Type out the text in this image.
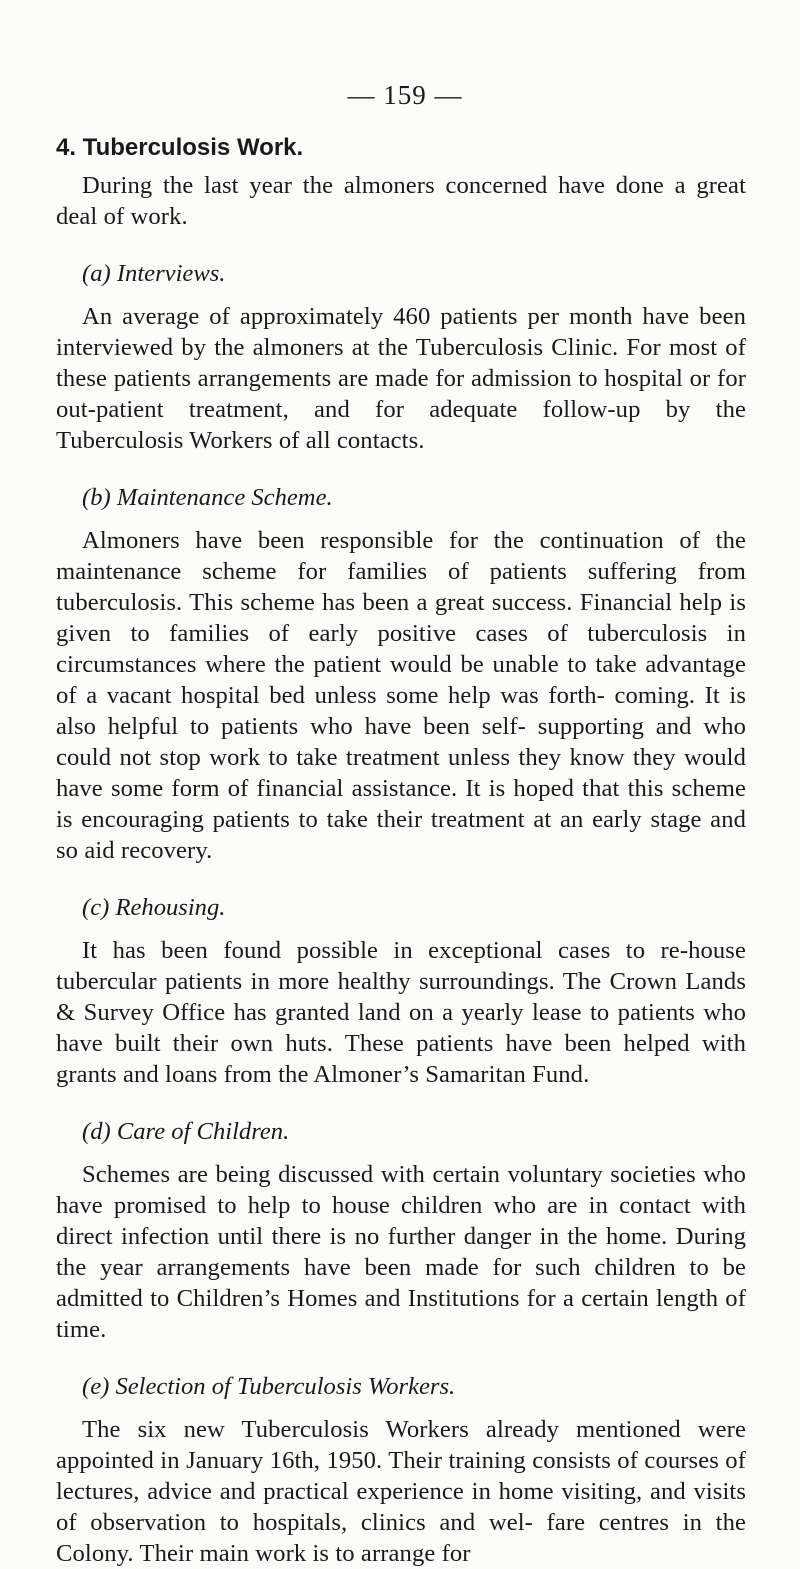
— 159 —
4. Tuberculosis Work.

During the last year the almoners concerned have done a great deal of work.

(a) Interviews.

An average of approximately 460 patients per month have been interviewed by the almoners at the Tuberculosis Clinic. For most of these patients arrangements are made for admission to hospital or for out-patient treatment, and for adequate follow-up by the Tuberculosis Workers of all contacts.

(b) Maintenance Scheme.

Almoners have been responsible for the continuation of the maintenance scheme for families of patients suffering from tuberculosis. This scheme has been a great success. Financial help is given to families of early positive cases of tuberculosis in circumstances where the patient would be unable to take advantage of a vacant hospital bed unless some help was forth- coming. It is also helpful to patients who have been self- supporting and who could not stop work to take treatment unless they know they would have some form of financial assistance. It is hoped that this scheme is encouraging patients to take their treatment at an early stage and so aid recovery.

(c) Rehousing.

It has been found possible in exceptional cases to re-house tubercular patients in more healthy surroundings. The Crown Lands & Survey Office has granted land on a yearly lease to patients who have built their own huts. These patients have been helped with grants and loans from the Almoner’s Samaritan Fund.

(d) Care of Children.

Schemes are being discussed with certain voluntary societies who have promised to help to house children who are in contact with direct infection until there is no further danger in the home. During the year arrangements have been made for such children to be admitted to Children’s Homes and Institutions for a certain length of time.

(e) Selection of Tuberculosis Workers.

The six new Tuberculosis Workers already mentioned were appointed in January 16th, 1950. Their training consists of courses of lectures, advice and practical experience in home visiting, and visits of observation to hospitals, clinics and wel- fare centres in the Colony. Their main work is to arrange for
